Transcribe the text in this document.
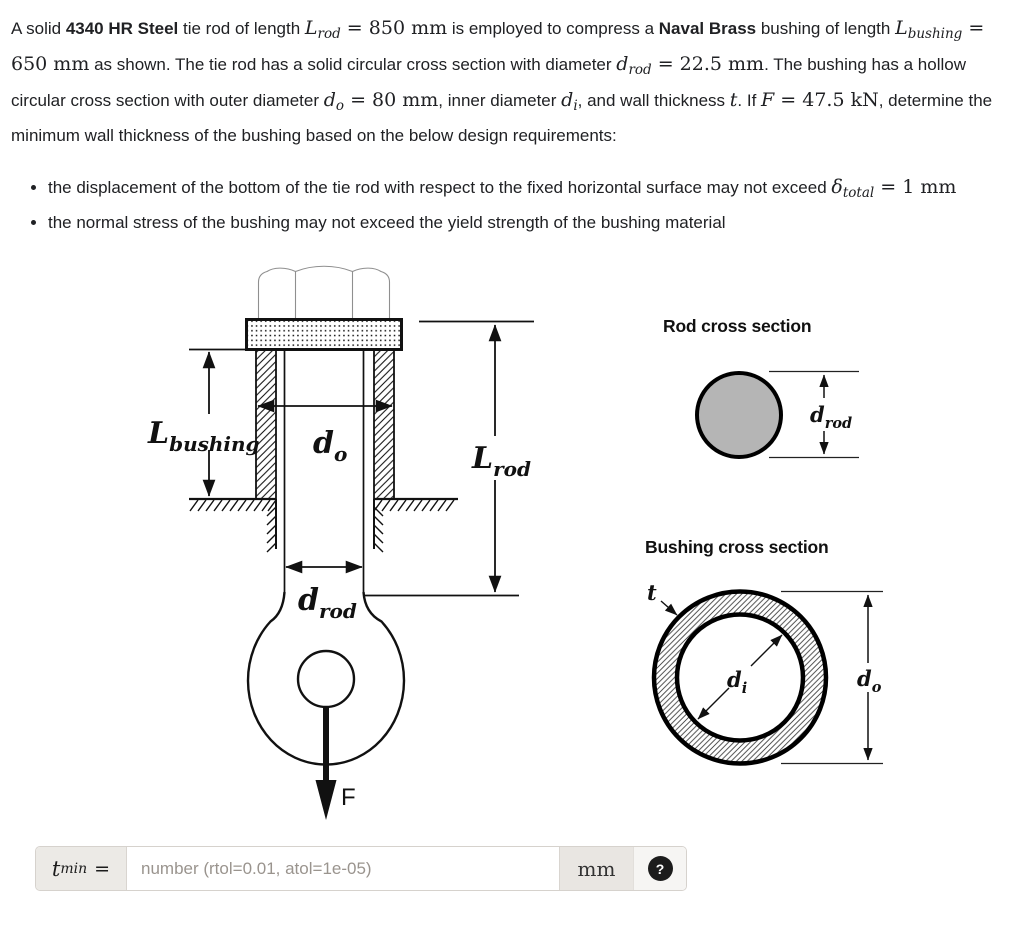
A solid 4340 HR Steel tie rod of length $L_{rod} = 850$ mm is employed to compress a Naval Brass bushing of length $L_{bushing} = 650$ mm as shown. The tie rod has a solid circular cross section with diameter $d_{rod} = 22.5$ mm. The bushing has a hollow circular cross section with outer diameter $d_o = 80$ mm, inner diameter $d_i$, and wall thickness t. If F = 47.5 kN, determine the minimum wall thickness of the bushing based on the below design requirements:

• the displacement of the bottom of the tie rod with respect to the fixed horizontal surface may not exceed $\delta_{total} = 1$ mm
• the normal stress of the bushing may not exceed the yield strength of the bushing material
F
$L_{bushing}$ $d_o$	$L_{rod}$
$d_{rod}$
Rod cross section
$d_{rod}$
Bushing cross section
t
$d_i$	$d_o$
t min =
number (rtol=0.01, atol=1e-05)	mm	?
